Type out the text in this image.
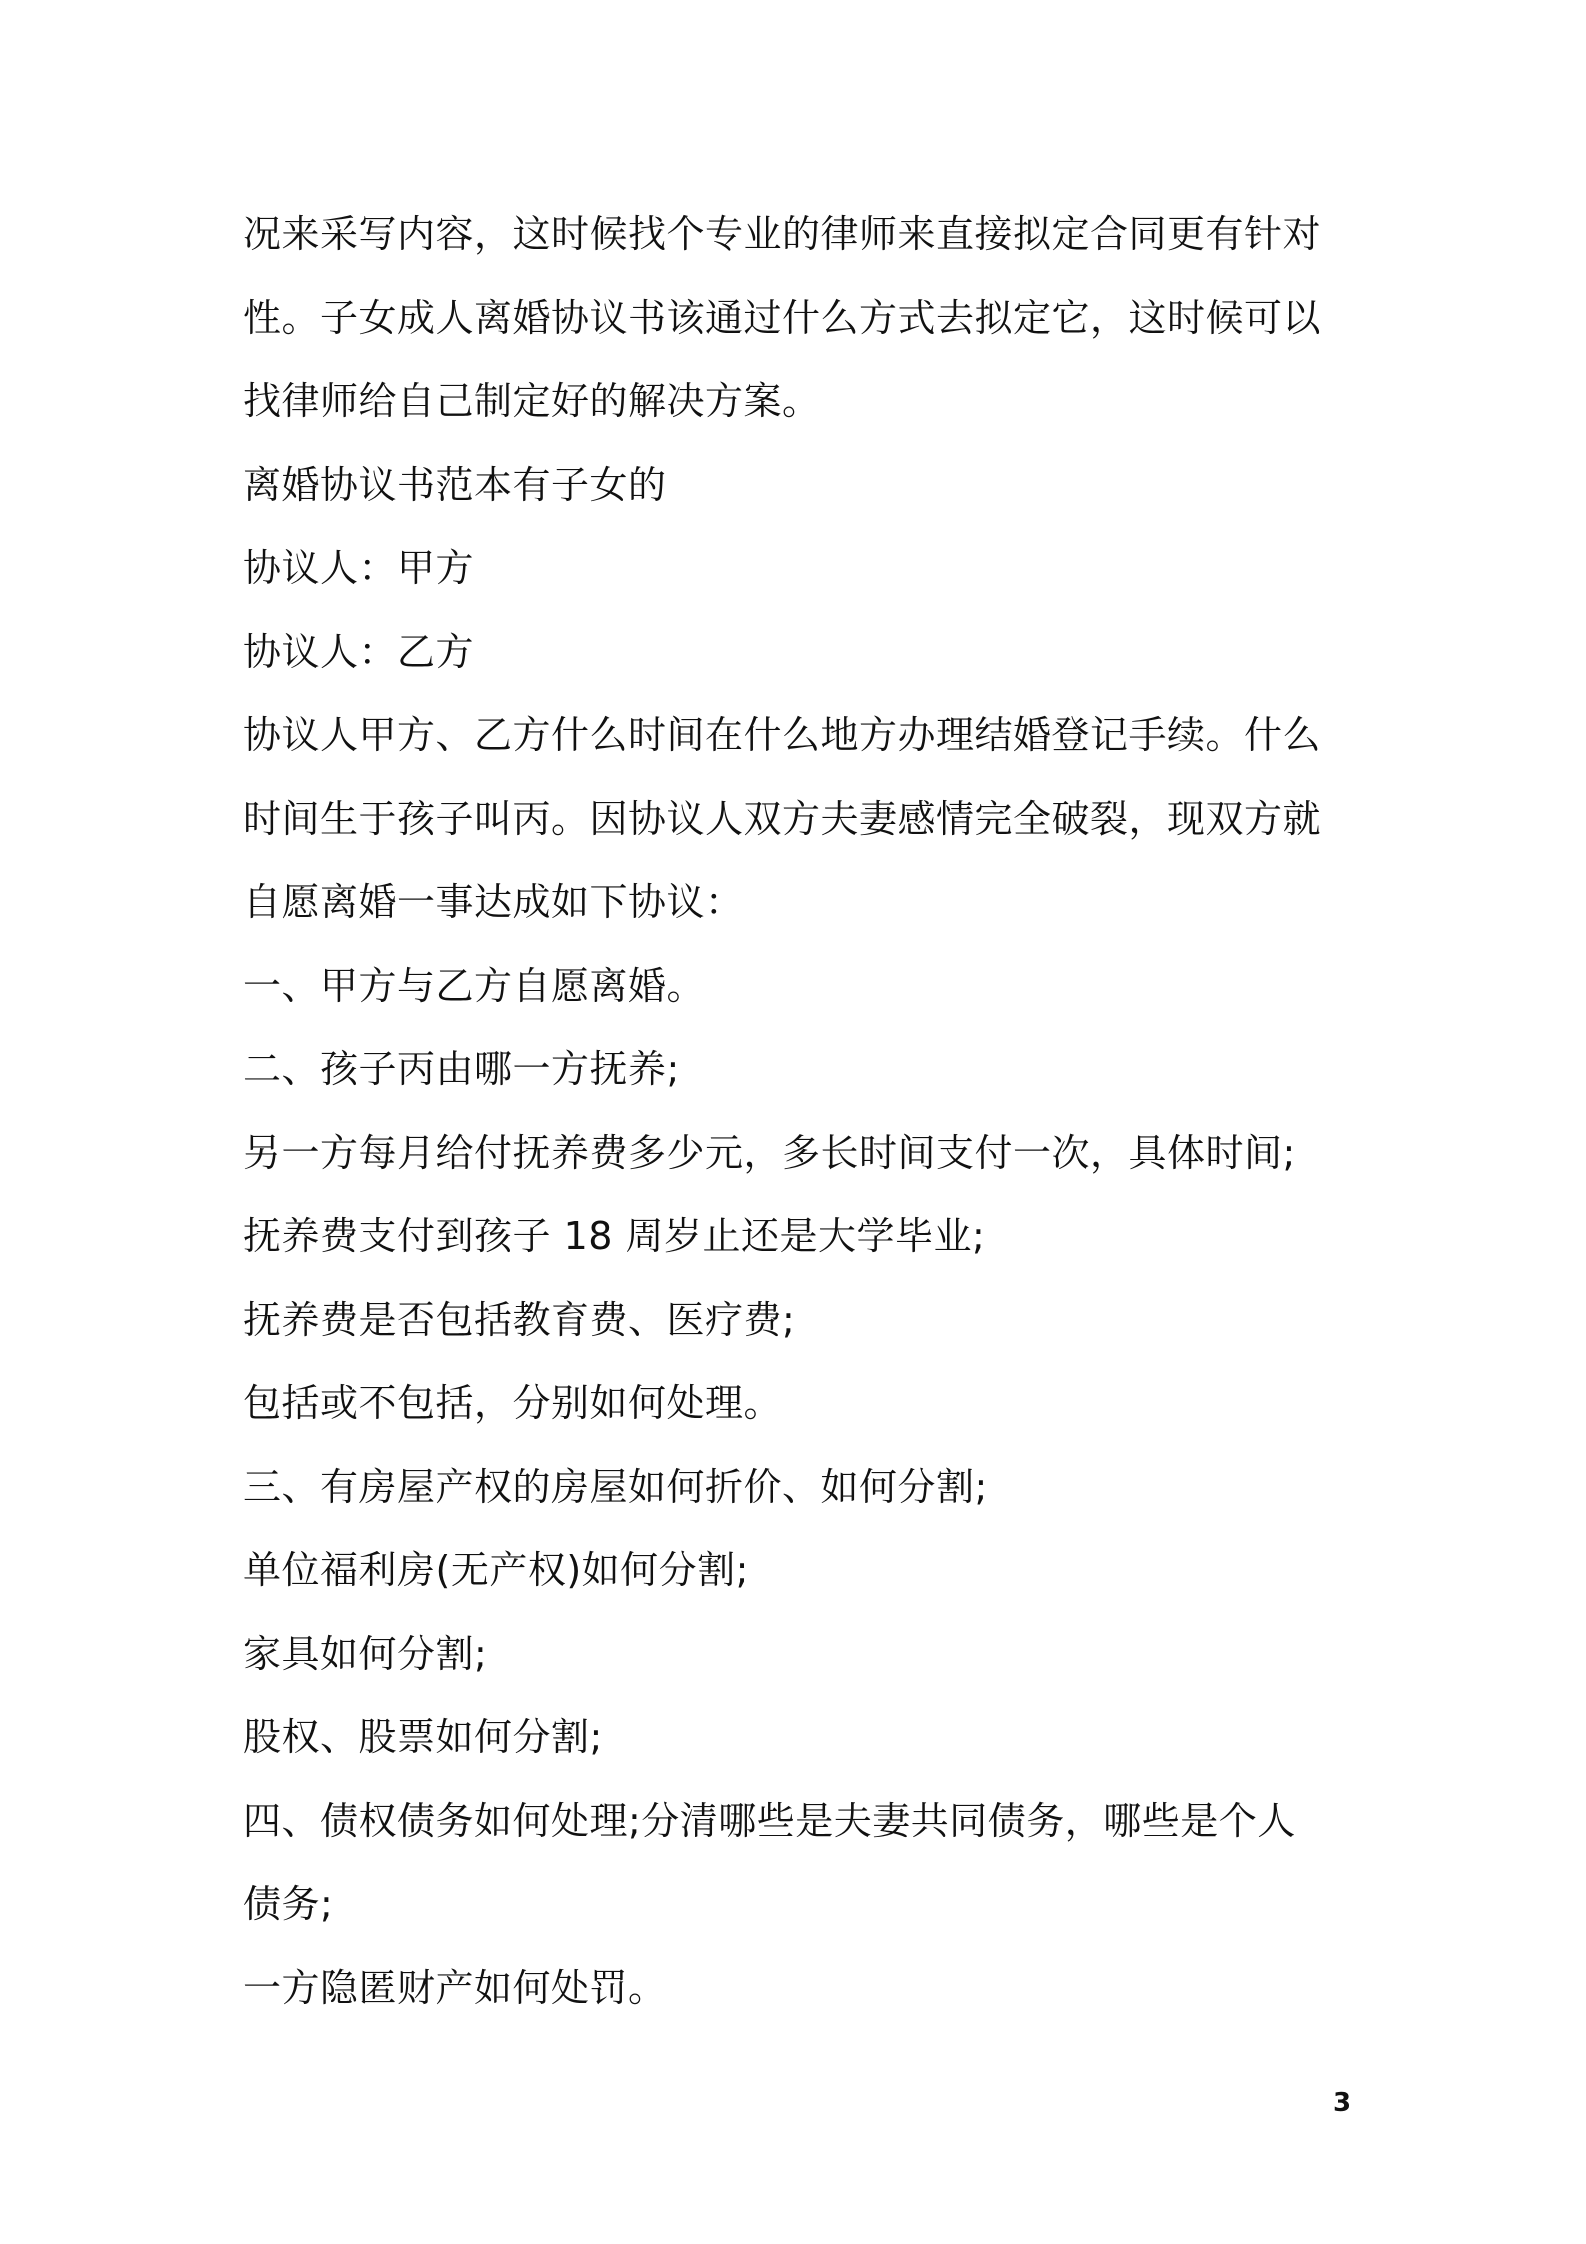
况来采写内容，这时候找个专业的律师来直接拟定合同更有针对
性。子女成人离婚协议书该通过什么方式去拟定它，这时候可以
找律师给自己制定好的解决方案。
离婚协议书范本有子女的
协议人：甲方
协议人：乙方
协议人甲方、乙方什么时间在什么地方办理结婚登记手续。什么
时间生于孩子叫丙。因协议人双方夫妻感情完全破裂，现双方就
自愿离婚一事达成如下协议：
一、甲方与乙方自愿离婚。
二、孩子丙由哪一方抚养;
另一方每月给付抚养费多少元，多长时间支付一次，具体时间;
抚养费支付到孩子 18 周岁止还是大学毕业;
抚养费是否包括教育费、医疗费;
包括或不包括，分别如何处理。
三、有房屋产权的房屋如何折价、如何分割;
单位福利房(无产权)如何分割;
家具如何分割;
股权、股票如何分割;
四、债权债务如何处理;分清哪些是夫妻共同债务，哪些是个人
债务;
一方隐匿财产如何处罚。
3
